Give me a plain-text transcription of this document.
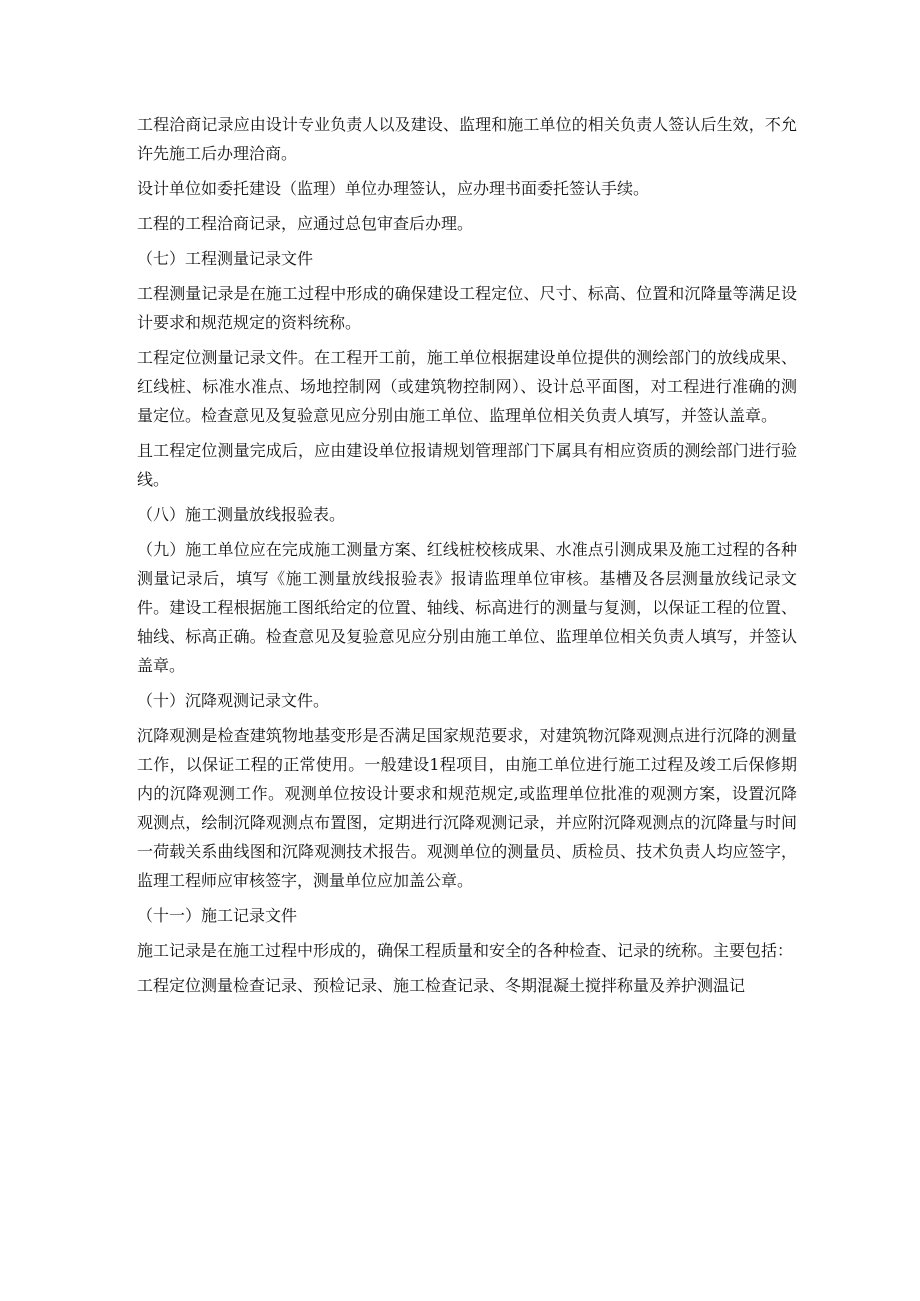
工程洽商记录应由设计专业负责人以及建设、监理和施工单位的相关负责人签认后生效，不允许先施工后办理洽商。

设计单位如委托建设（监理）单位办理签认，应办理书面委托签认手续。

工程的工程洽商记录，应通过总包审查后办理。

（七）工程测量记录文件

工程测量记录是在施工过程中形成的确保建设工程定位、尺寸、标高、位置和沉降量等满足设计要求和规范规定的资料统称。

工程定位测量记录文件。在工程开工前，施工单位根据建设单位提供的测绘部门的放线成果、红线桩、标准水准点、场地控制网（或建筑物控制网）、设计总平面图，对工程进行准确的测量定位。检查意见及复验意见应分别由施工单位、监理单位相关负责人填写，并签认盖章。

且工程定位测量完成后，应由建设单位报请规划管理部门下属具有相应资质的测绘部门进行验线。

（八）施工测量放线报验表。

（九）施工单位应在完成施工测量方案、红线桩校核成果、水准点引测成果及施工过程的各种测量记录后，填写《施工测量放线报验表》报请监理单位审核。基槽及各层测量放线记录文件。建设工程根据施工图纸给定的位置、轴线、标高进行的测量与复测，以保证工程的位置、轴线、标高正确。检查意见及复验意见应分别由施工单位、监理单位相关负责人填写，并签认盖章。

（十）沉降观测记录文件。

沉降观测是检查建筑物地基变形是否满足国家规范要求，对建筑物沉降观测点进行沉降的测量工作，以保证工程的正常使用。一般建设1程项目，由施工单位进行施工过程及竣工后保修期内的沉降观测工作。观测单位按设计要求和规范规定,或监理单位批准的观测方案，设置沉降观测点，绘制沉降观测点布置图，定期进行沉降观测记录，并应附沉降观测点的沉降量与时间一荷载关系曲线图和沉降观测技术报告。观测单位的测量员、质检员、技术负责人均应签字，监理工程师应审核签字，测量单位应加盖公章。

（十一）施工记录文件

施工记录是在施工过程中形成的，确保工程质量和安全的各种检查、记录的统称。主要包括：

工程定位测量检查记录、预检记录、施工检查记录、冬期混凝土搅拌称量及养护测温记
